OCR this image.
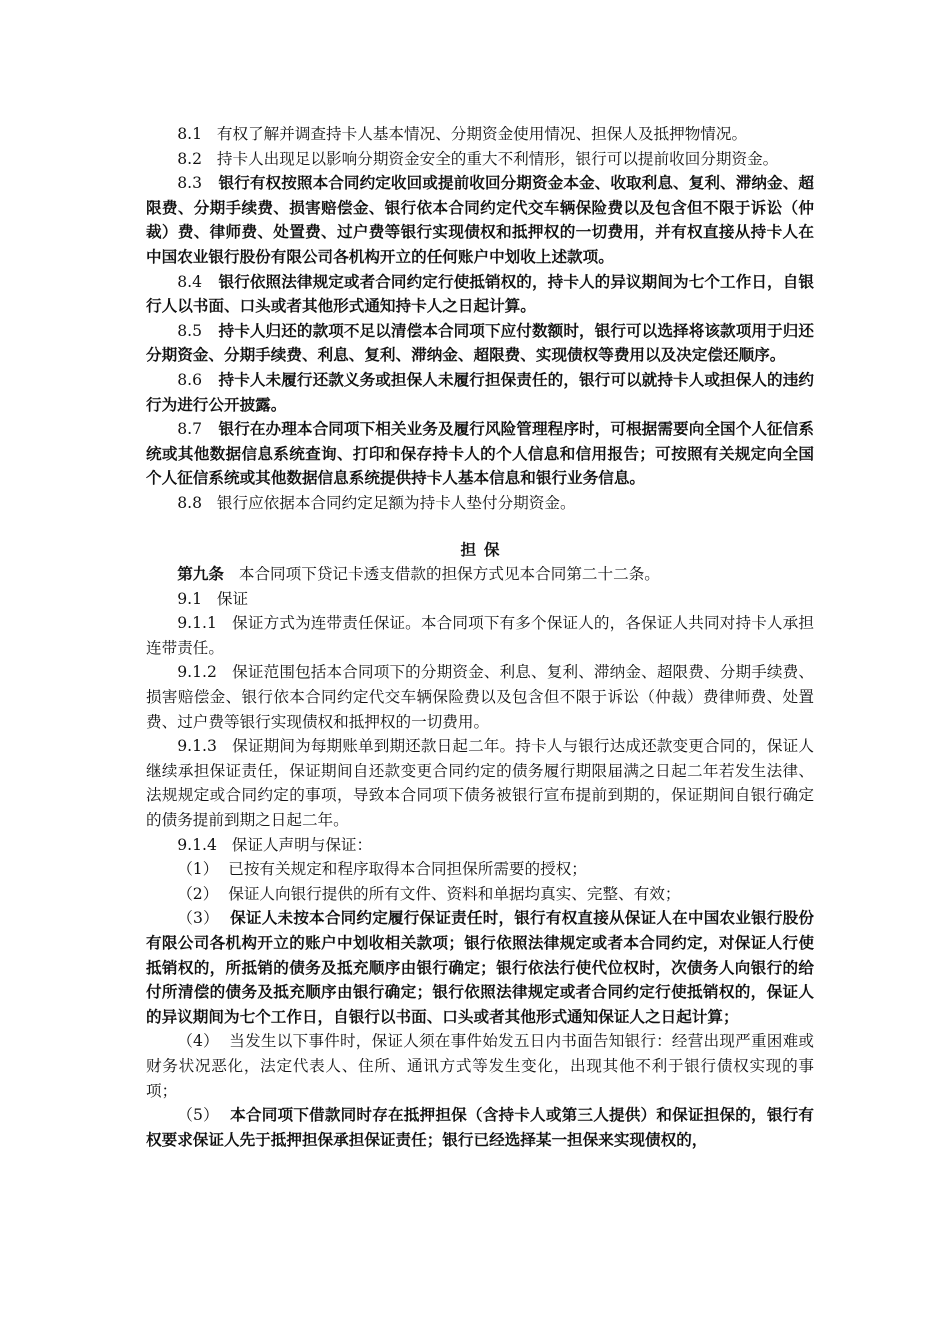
8.1 有权了解并调查持卡人基本情况、分期资金使用情况、担保人及抵押物情况。

8.2 持卡人出现足以影响分期资金安全的重大不利情形，银行可以提前收回分期资金。

8.3 银行有权按照本合同约定收回或提前收回分期资金本金、收取利息、复利、滞纳金、超限费、分期手续费、损害赔偿金、银行依本合同约定代交车辆保险费以及包含但不限于诉讼（仲裁）费、律师费、处置费、过户费等银行实现债权和抵押权的一切费用，并有权直接从持卡人在中国农业银行股份有限公司各机构开立的任何账户中划收上述款项。

8.4 银行依照法律规定或者合同约定行使抵销权的，持卡人的异议期间为七个工作日，自银行人以书面、口头或者其他形式通知持卡人之日起计算。

8.5 持卡人归还的款项不足以清偿本合同项下应付数额时，银行可以选择将该款项用于归还分期资金、分期手续费、利息、复利、滞纳金、超限费、实现债权等费用以及决定偿还顺序。

8.6 持卡人未履行还款义务或担保人未履行担保责任的，银行可以就持卡人或担保人的违约行为进行公开披露。

8.7 银行在办理本合同项下相关业务及履行风险管理程序时，可根据需要向全国个人征信系统或其他数据信息系统查询、打印和保存持卡人的个人信息和信用报告；可按照有关规定向全国个人征信系统或其他数据信息系统提供持卡人基本信息和银行业务信息。

8.8 银行应依据本合同约定足额为持卡人垫付分期资金。

担保

第九条 本合同项下贷记卡透支借款的担保方式见本合同第二十二条。

9.1 保证

9.1.1 保证方式为连带责任保证。本合同项下有多个保证人的，各保证人共同对持卡人承担连带责任。

9.1.2 保证范围包括本合同项下的分期资金、利息、复利、滞纳金、超限费、分期手续费、损害赔偿金、银行依本合同约定代交车辆保险费以及包含但不限于诉讼（仲裁）费律师费、处置费、过户费等银行实现债权和抵押权的一切费用。

9.1.3 保证期间为每期账单到期还款日起二年。持卡人与银行达成还款变更合同的，保证人继续承担保证责任，保证期间自还款变更合同约定的债务履行期限届满之日起二年若发生法律、法规规定或合同约定的事项，导致本合同项下债务被银行宣布提前到期的，保证期间自银行确定的债务提前到期之日起二年。

9.1.4 保证人声明与保证：

（1） 已按有关规定和程序取得本合同担保所需要的授权；

（2） 保证人向银行提供的所有文件、资料和单据均真实、完整、有效；

（3） 保证人未按本合同约定履行保证责任时，银行有权直接从保证人在中国农业银行股份有限公司各机构开立的账户中划收相关款项；银行依照法律规定或者本合同约定，对保证人行使抵销权的，所抵销的债务及抵充顺序由银行确定；银行依法行使代位权时，次债务人向银行的给付所清偿的债务及抵充顺序由银行确定；银行依照法律规定或者合同约定行使抵销权的，保证人的异议期间为七个工作日，自银行以书面、口头或者其他形式通知保证人之日起计算；

（4） 当发生以下事件时，保证人须在事件始发五日内书面告知银行：经营出现严重困难或财务状况恶化，法定代表人、住所、通讯方式等发生变化，出现其他不利于银行债权实现的事项；

（5） 本合同项下借款同时存在抵押担保（含持卡人或第三人提供）和保证担保的，银行有权要求保证人先于抵押担保承担保证责任；银行已经选择某一担保来实现债权的，
